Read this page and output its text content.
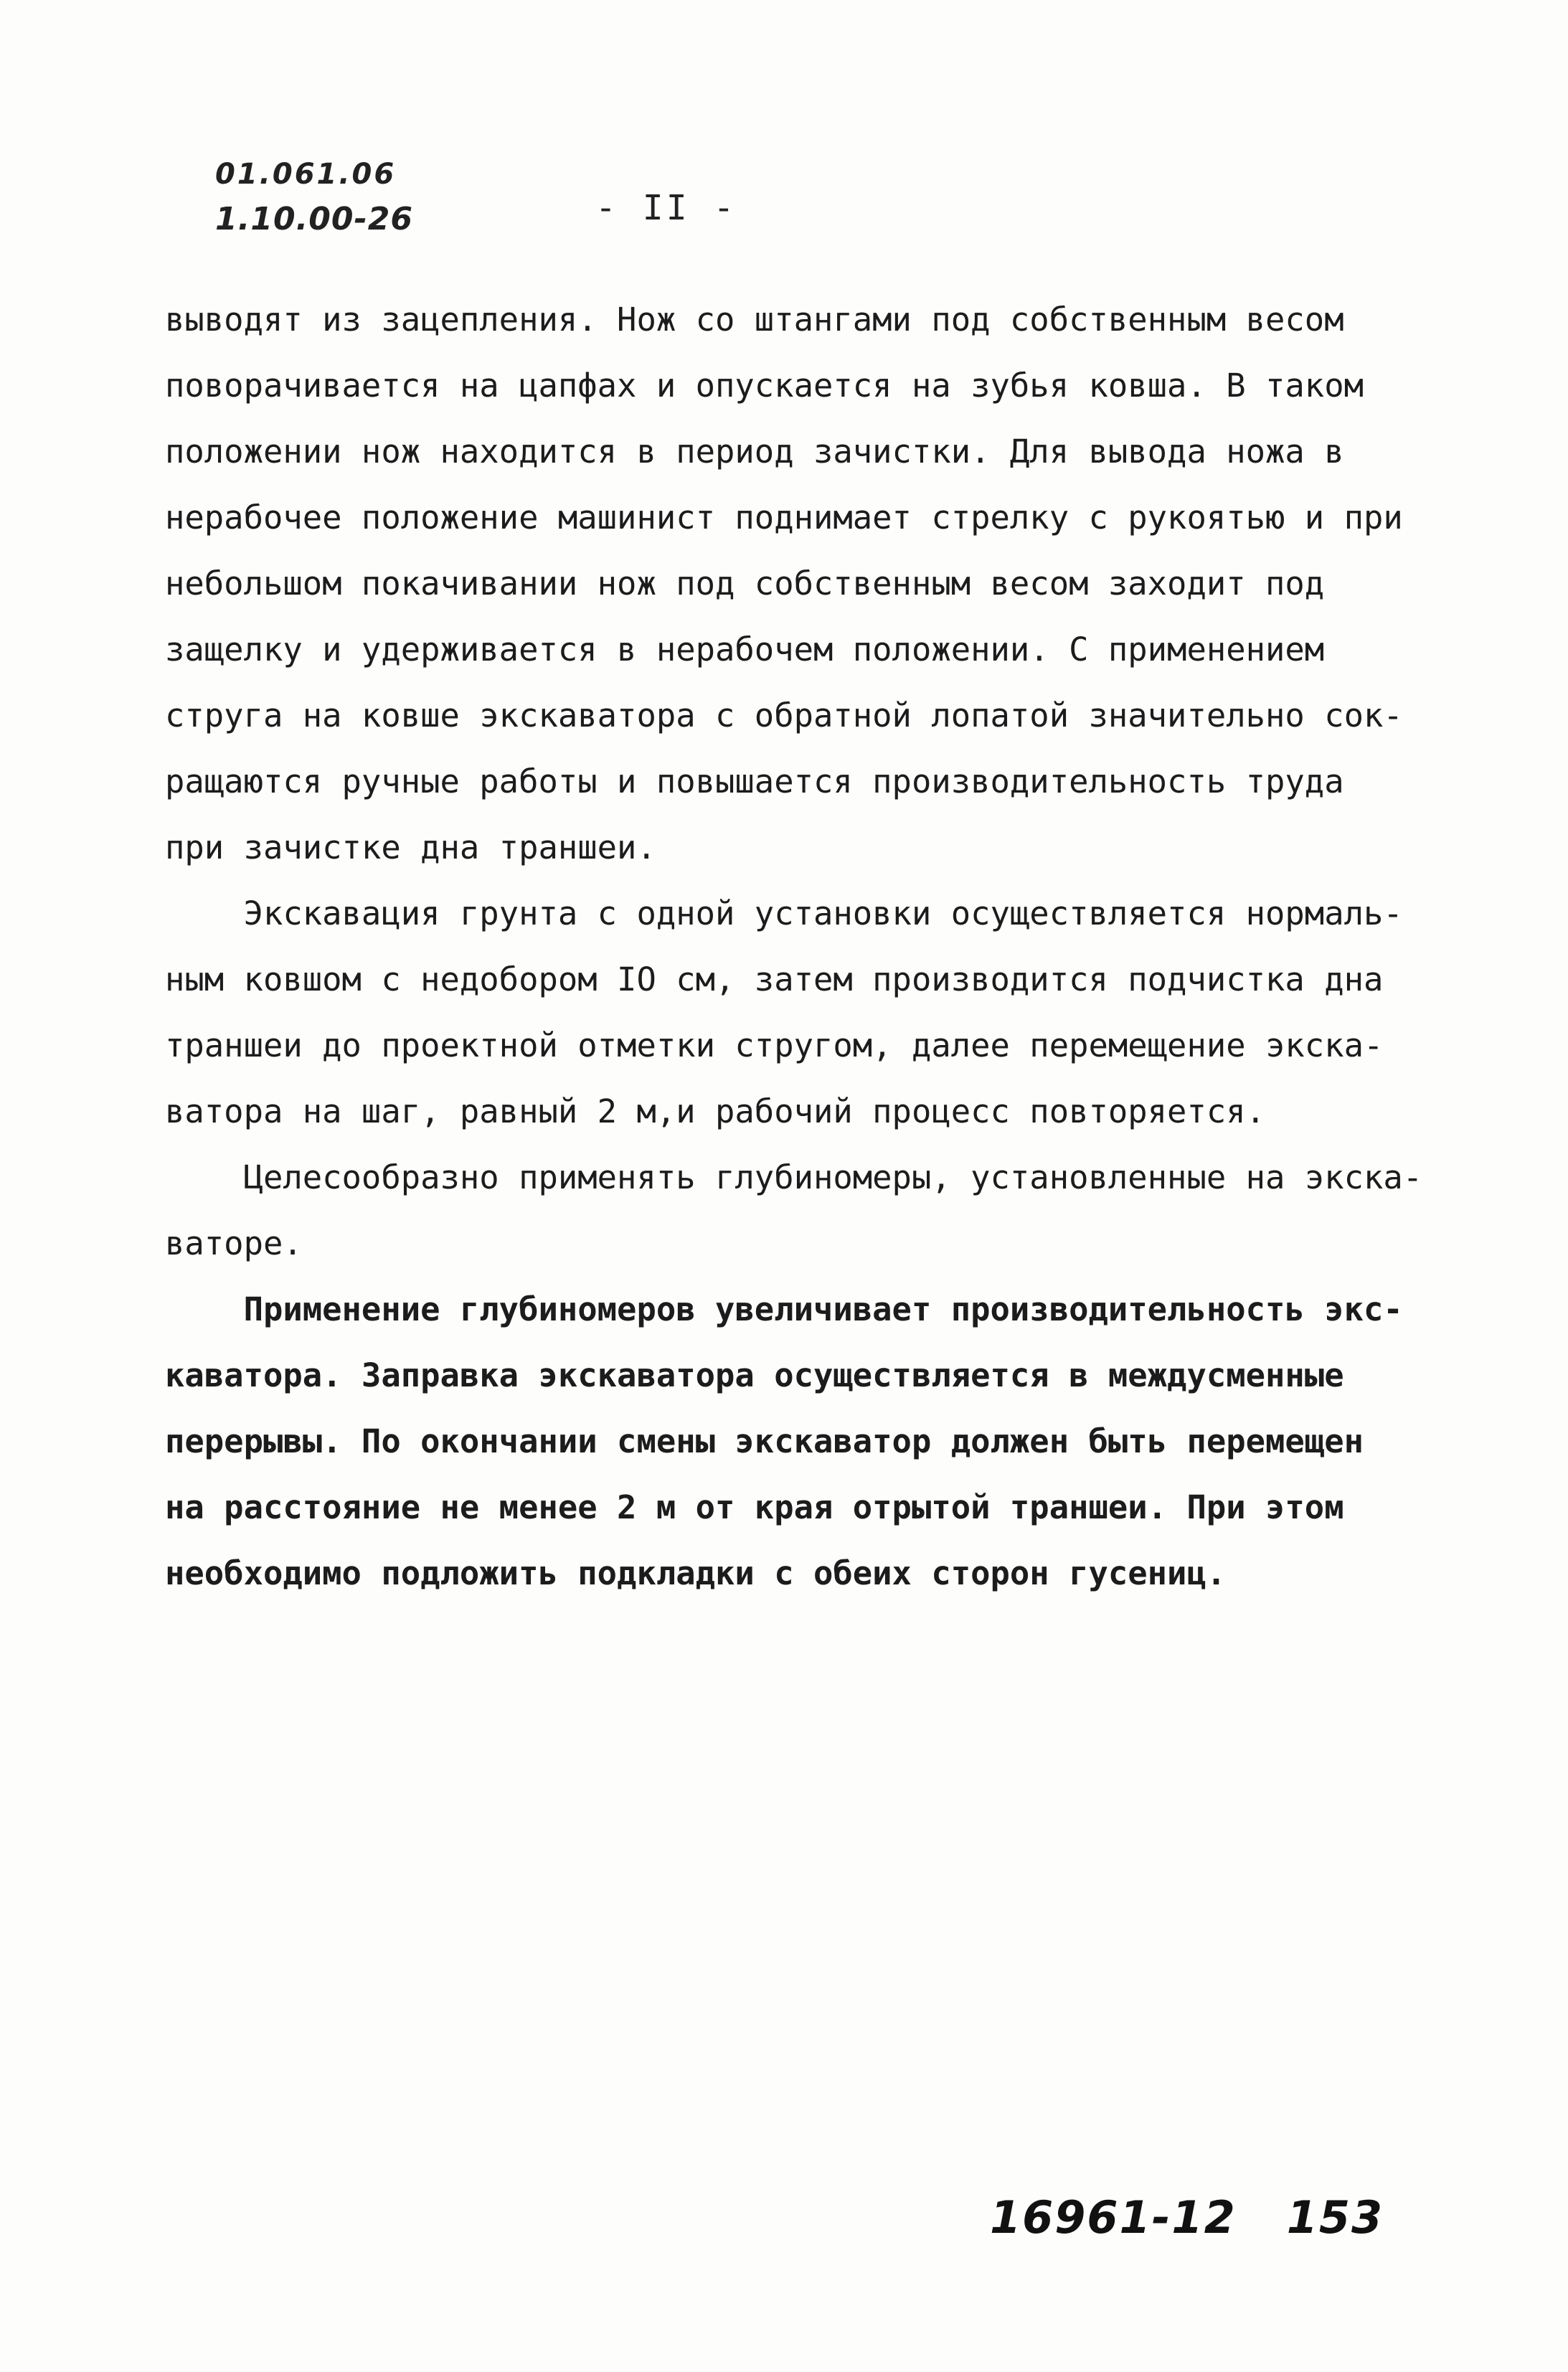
01.061.06
1.10.00-26	- II -

выводят из зацепления. Нож со штангами под собственным весом

поворачивается на цапфах и опускается на зубья ковша. В таком

положении нож находится в период зачистки. Для вывода ножа в

нерабочее положение машинист поднимает стрелку с рукоятью и при

небольшом покачивании нож под собственным весом заходит под

защелку и удерживается в нерабочем положении. С применением

струга на ковше экскаватора с обратной лопатой значительно сок-

ращаются ручные работы и повышается производительность труда

при зачистке дна траншеи.

Экскавация грунта с одной установки осуществляется нормаль-

ным ковшом с недобором IO см, затем производится подчистка дна

траншеи до проектной отметки стругом, далее перемещение экска-

ватора на шаг, равный 2 м,и рабочий процесс повторяется.

Целесообразно применять глубиномеры, установленные на экска-

ваторе.

Применение глубиномеров увеличивает производительность экс-

каватора. Заправка экскаватора осуществляется в междусменные

перерывы. По окончании смены экскаватор должен быть перемещен

на расстояние не менее 2 м от края отрытой траншеи. При этом

необходимо подложить подкладки с обеих сторон гусениц.

16961-12 153
